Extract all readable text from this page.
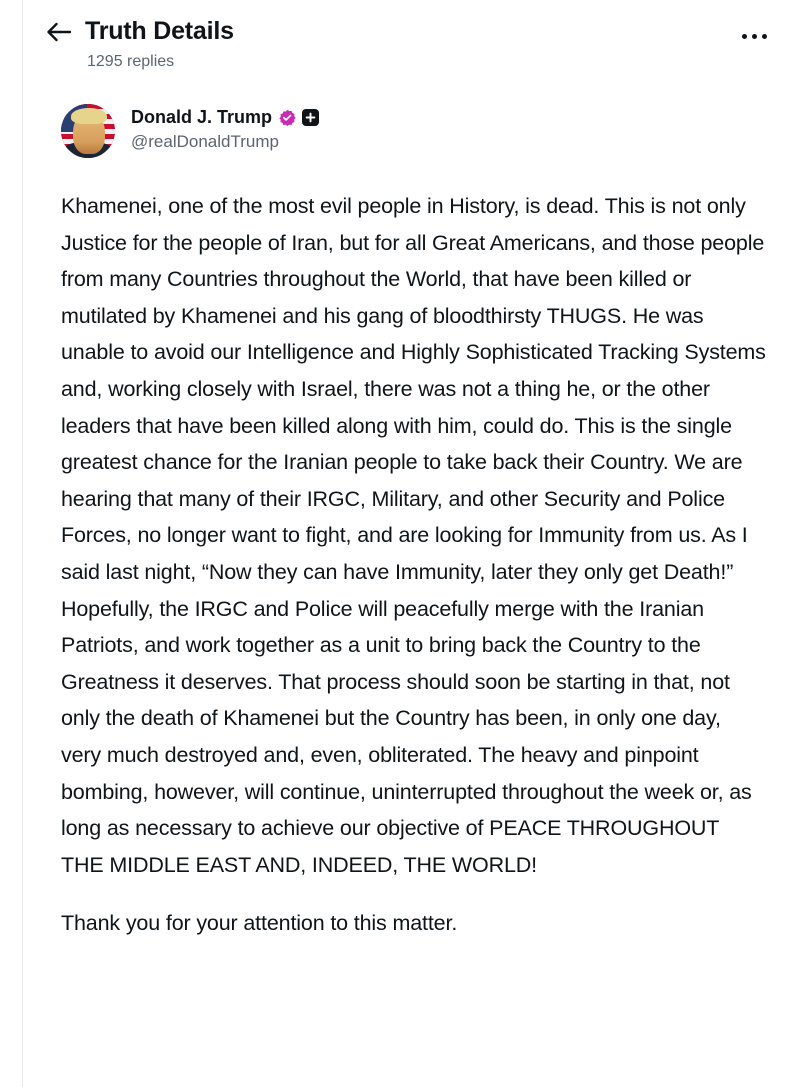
Truth Details
1295 replies
Donald J. Trump
@realDonaldTrump

Khamenei, one of the most evil people in History, is dead. This is not only Justice for the people of Iran, but for all Great Americans, and those people from many Countries throughout the World, that have been killed or mutilated by Khamenei and his gang of bloodthirsty THUGS. He was unable to avoid our Intelligence and Highly Sophisticated Tracking Systems and, working closely with Israel, there was not a thing he, or the other leaders that have been killed along with him, could do. This is the single greatest chance for the Iranian people to take back their Country. We are hearing that many of their IRGC, Military, and other Security and Police Forces, no longer want to fight, and are looking for Immunity from us. As I said last night, “Now they can have Immunity, later they only get Death!” Hopefully, the IRGC and Police will peacefully merge with the Iranian Patriots, and work together as a unit to bring back the Country to the Greatness it deserves. That process should soon be starting in that, not only the death of Khamenei but the Country has been, in only one day, very much destroyed and, even, obliterated. The heavy and pinpoint bombing, however, will continue, uninterrupted throughout the week or, as long as necessary to achieve our objective of PEACE THROUGHOUT THE MIDDLE EAST AND, INDEED, THE WORLD!

Thank you for your attention to this matter.
